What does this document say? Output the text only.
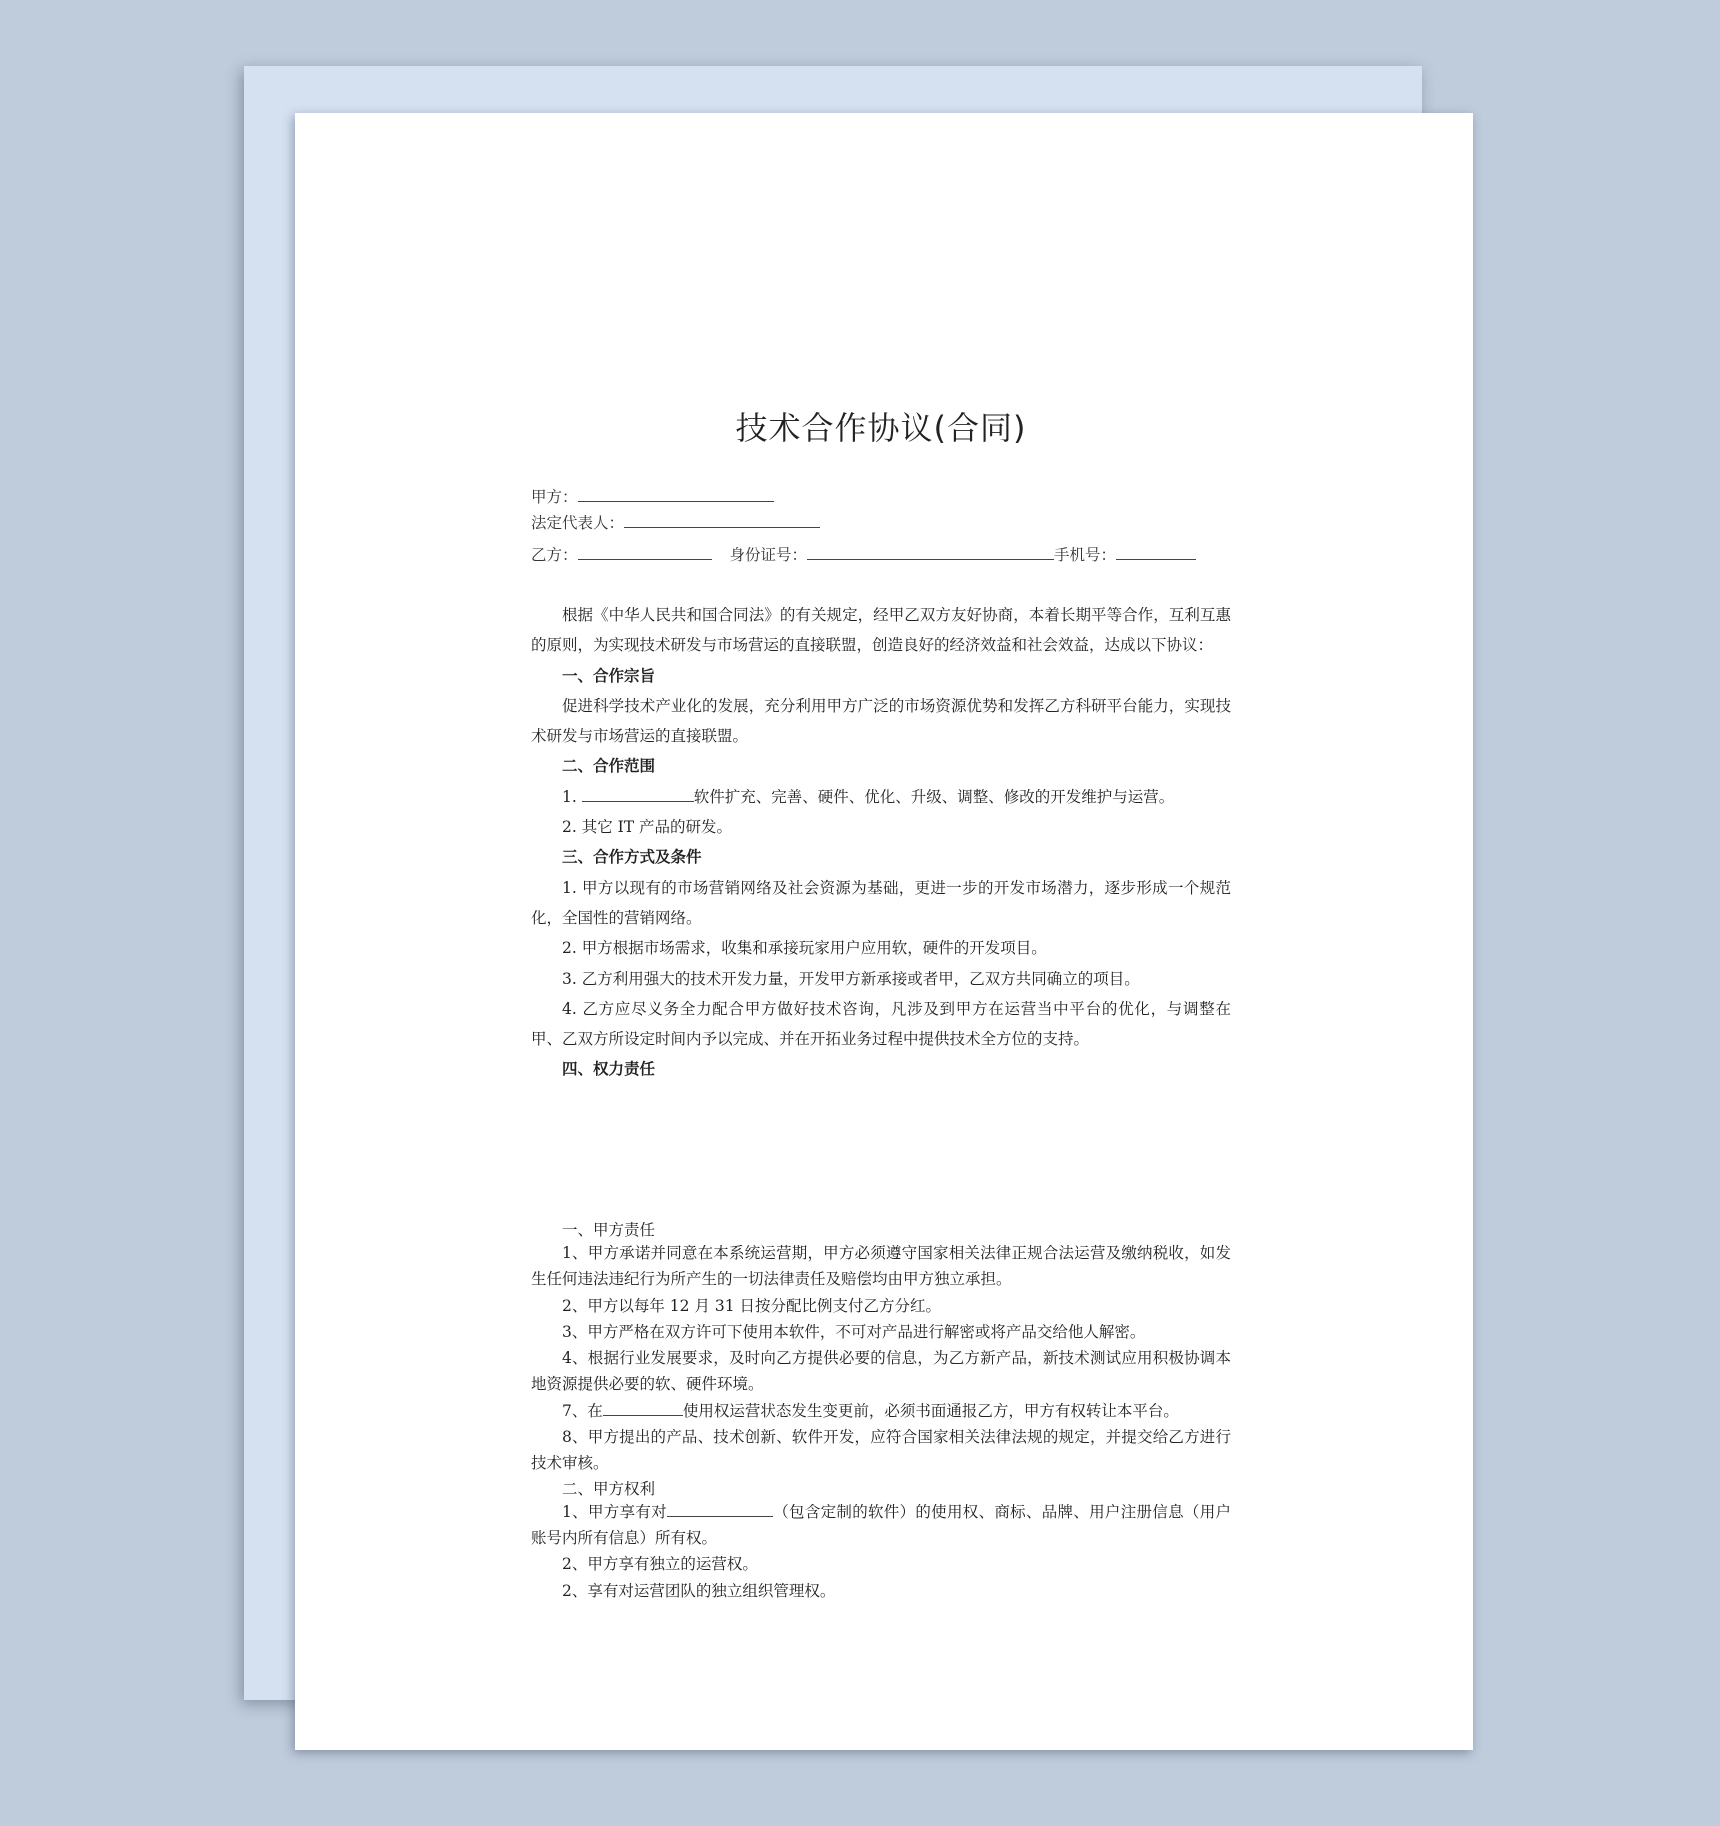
技术合作协议(合同)
甲方：
法定代表人：
乙方：	身份证号：	手机号：

根据《中华人民共和国合同法》的有关规定，经甲乙双方友好协商，本着长期平等合作，互利互惠的原则，为实现技术研发与市场营运的直接联盟，创造良好的经济效益和社会效益，达成以下协议：

一、合作宗旨

促进科学技术产业化的发展，充分利用甲方广泛的市场资源优势和发挥乙方科研平台能力，实现技术研发与市场营运的直接联盟。

二、合作范围

1.	软件扩充、完善、硬件、优化、升级、调整、修改的开发维护与运营。

2. 其它 IT 产品的研发。

三、合作方式及条件

1. 甲方以现有的市场营销网络及社会资源为基础，更进一步的开发市场潜力，逐步形成一个规范化，全国性的营销网络。

2. 甲方根据市场需求，收集和承接玩家用户应用软，硬件的开发项目。

3. 乙方利用强大的技术开发力量，开发甲方新承接或者甲，乙双方共同确立的项目。

4. 乙方应尽义务全力配合甲方做好技术咨询，凡涉及到甲方在运营当中平台的优化，与调整在甲、乙双方所设定时间内予以完成、并在开拓业务过程中提供技术全方位的支持。

四、权力责任

一、甲方责任

1、甲方承诺并同意在本系统运营期，甲方必须遵守国家相关法律正规合法运营及缴纳税收，如发生任何违法违纪行为所产生的一切法律责任及赔偿均由甲方独立承担。

2、甲方以每年 12 月 31 日按分配比例支付乙方分红。

3、甲方严格在双方许可下使用本软件，不可对产品进行解密或将产品交给他人解密。

4、根据行业发展要求，及时向乙方提供必要的信息，为乙方新产品，新技术测试应用积极协调本地资源提供必要的软、硬件环境。

7、在	使用权运营状态发生变更前，必须书面通报乙方，甲方有权转让本平台。

8、甲方提出的产品、技术创新、软件开发，应符合国家相关法律法规的规定，并提交给乙方进行技术审核。

二、甲方权利

1、甲方享有对	（包含定制的软件）的使用权、商标、品牌、用户注册信息（用户账号内所有信息）所有权。

2、甲方享有独立的运营权。

2、享有对运营团队的独立组织管理权。
